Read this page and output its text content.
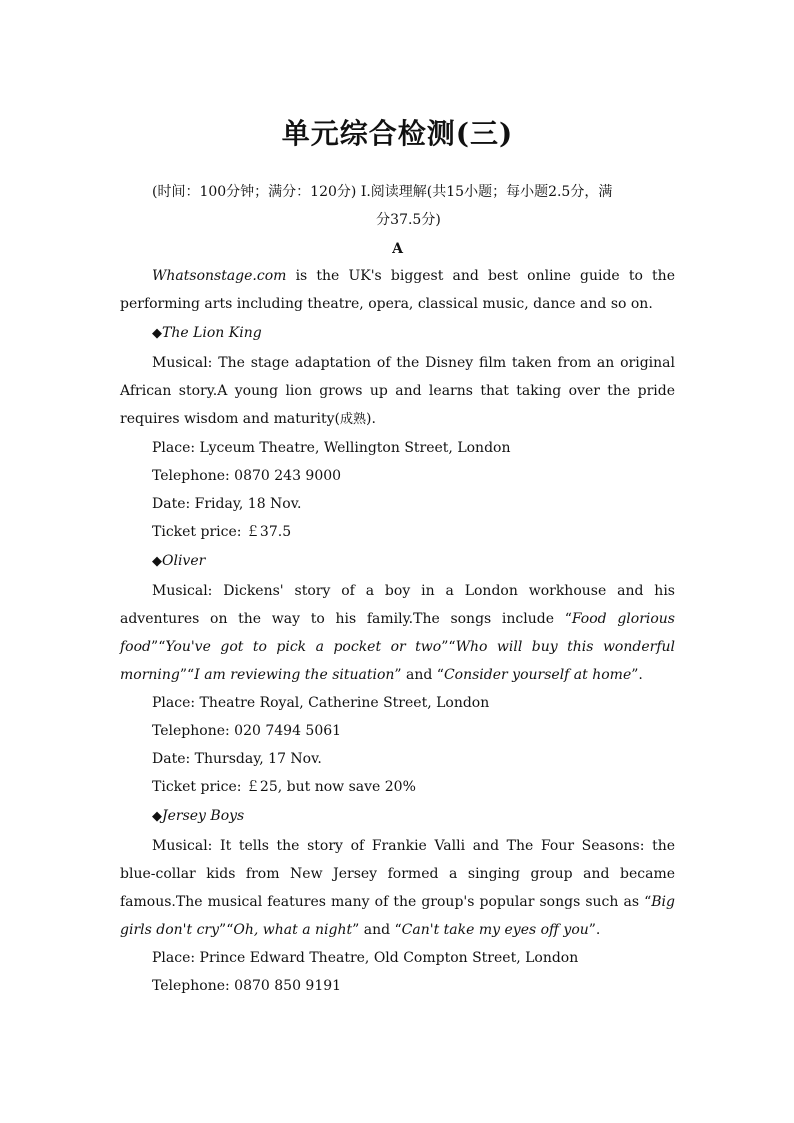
单元综合检测(三)
(时间：100分钟；满分：120分) Ⅰ.阅读理解(共15小题；每小题2.5分，满
分37.5分)
A

Whatsonstage.com is the UK's biggest and best online guide to the performing arts including theatre, opera, classical music, dance and so on.

◆The Lion King

Musical: The stage adaptation of the Disney film taken from an original African story.A young lion grows up and learns that taking over the pride requires wisdom and maturity(成熟).

Place: Lyceum Theatre, Wellington Street, London

Telephone: 0870 243 9000

Date: Friday, 18 Nov.

Ticket price: ￡37.5

◆Oliver

Musical: Dickens' story of a boy in a London workhouse and his adventures on the way to his family.The songs include “Food glorious food”“You've got to pick a pocket or two”“Who will buy this wonderful morning”“I am reviewing the situation” and “Consider yourself at home”.

Place: Theatre Royal, Catherine Street, London

Telephone: 020 7494 5061

Date: Thursday, 17 Nov.

Ticket price: ￡25, but now save 20%

◆Jersey Boys

Musical: It tells the story of Frankie Valli and The Four Seasons: the blue-collar kids from New Jersey formed a singing group and became famous.The musical features many of the group's popular songs such as “Big girls don't cry”“Oh, what a night” and “Can't take my eyes off you”.

Place: Prince Edward Theatre, Old Compton Street, London

Telephone: 0870 850 9191
